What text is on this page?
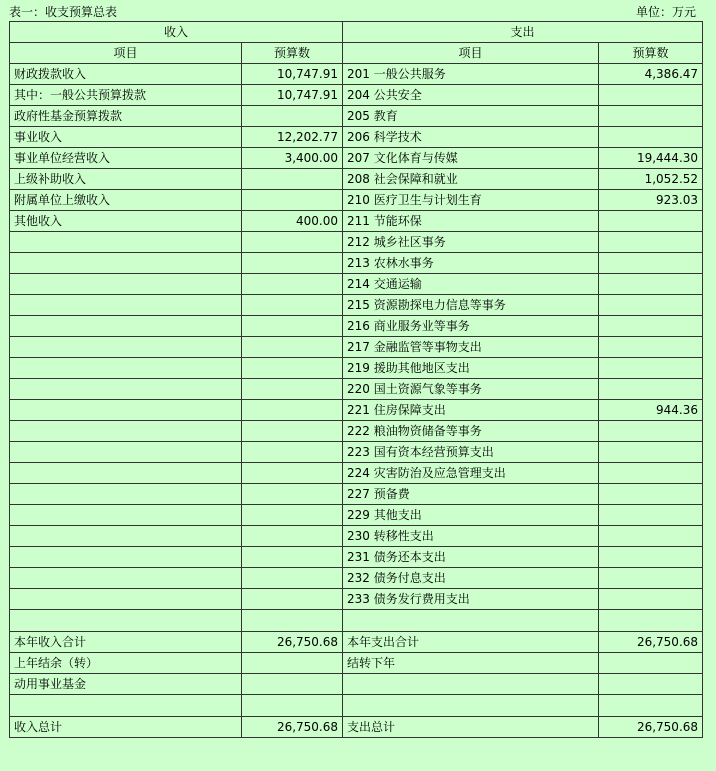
表一：收支预算总表	单位：万元
收入		支出	
项目	预算数	项目	预算数
财政拨款收入	10,747.91	201 一般公共服务	4,386.47
其中：一般公共预算拨款	10,747.91	204 公共安全	
政府性基金预算拨款		205 教育	
事业收入	12,202.77	206 科学技术	
事业单位经营收入	3,400.00	207 文化体育与传媒	19,444.30
上级补助收入		208 社会保障和就业	1,052.52
附属单位上缴收入		210 医疗卫生与计划生育	923.03
其他收入	400.00	211 节能环保	
		212 城乡社区事务	
		213 农林水事务	
		214 交通运输	
		215 资源勘探电力信息等事务	
		216 商业服务业等事务	
		217 金融监管等事物支出	
		219 援助其他地区支出	
		220 国土资源气象等事务	
		221 住房保障支出	944.36
		222 粮油物资储备等事务	
		223 国有资本经营预算支出	
		224 灾害防治及应急管理支出	
		227 预备费	
		229 其他支出	
		230 转移性支出	
		231 债务还本支出	
		232 债务付息支出	
		233 债务发行费用支出	

本年收入合计	26,750.68	本年支出合计	26,750.68
上年结余（转）		结转下年	
动用事业基金			

收入总计	26,750.68	支出总计	26,750.68
